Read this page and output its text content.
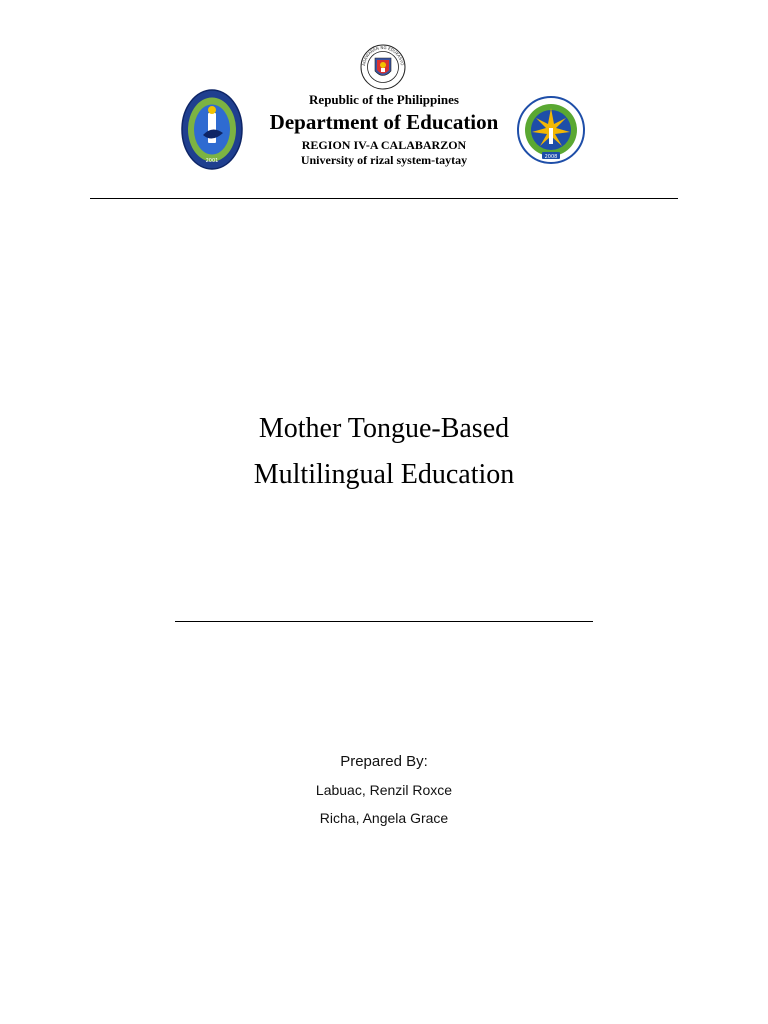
AGAWARAN NG EDUKASYO
2001
2008
Republic of the Philippines
Department of Education
REGION IV-A CALABARZON
University of rizal system-taytay
Mother Tongue-Based
Multilingual Education
Prepared By:
Labuac, Renzil Roxce
Richa, Angela Grace
